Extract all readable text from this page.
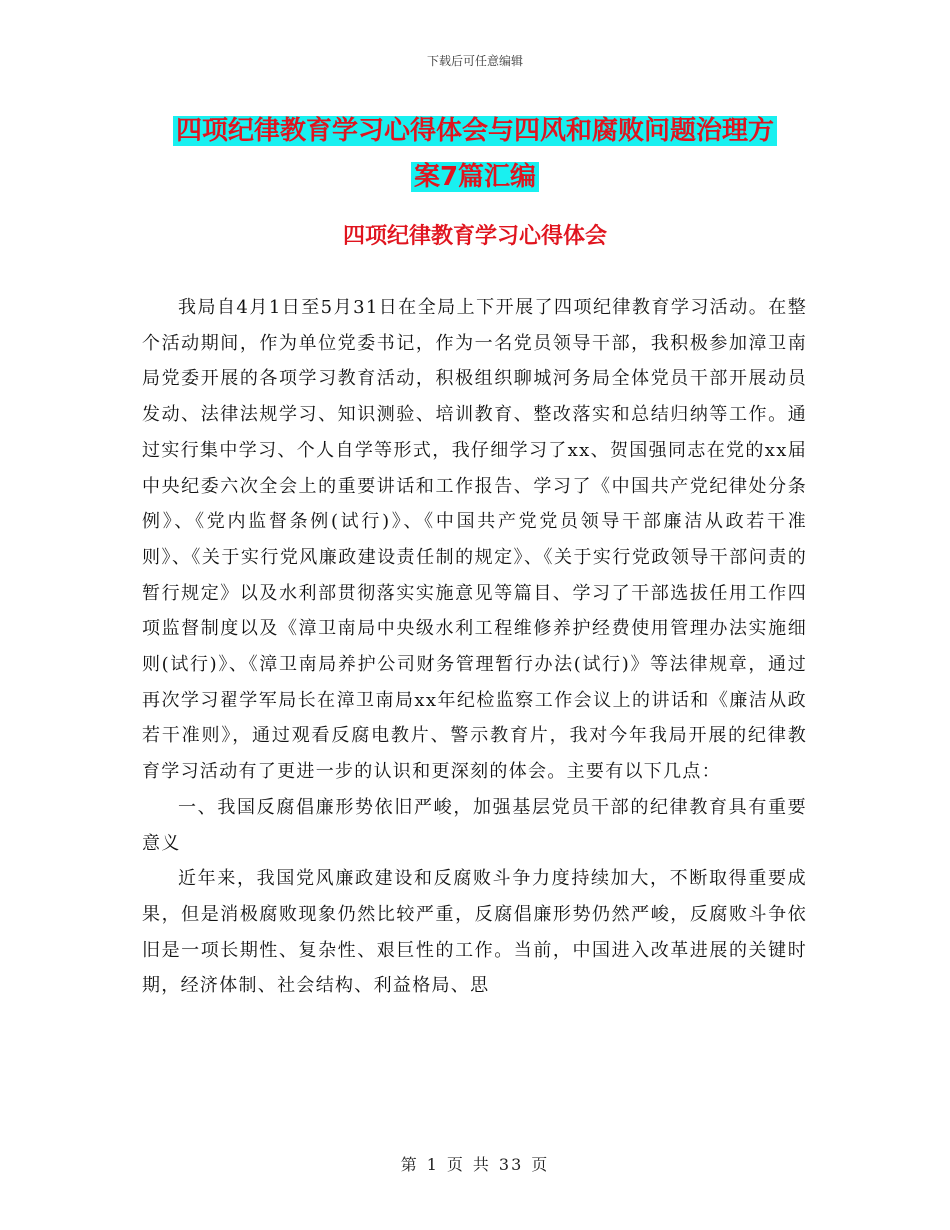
下载后可任意编辑
四项纪律教育学习心得体会与四风和腐败问题治理方
案7篇汇编
四项纪律教育学习心得体会

我局自4月1日至5月31日在全局上下开展了四项纪律教育学习活动。在整个活动期间，作为单位党委书记，作为一名党员领导干部，我积极参加漳卫南局党委开展的各项学习教育活动，积极组织聊城河务局全体党员干部开展动员发动、法律法规学习、知识测验、培训教育、整改落实和总结归纳等工作。通过实行集中学习、个人自学等形式，我仔细学习了xx、贺国强同志在党的xx届中央纪委六次全会上的重要讲话和工作报告、学习了《中国共产党纪律处分条例》、《党内监督条例(试行)》、《中国共产党党员领导干部廉洁从政若干准则》、《关于实行党风廉政建设责任制的规定》、《关于实行党政领导干部问责的暂行规定》以及水利部贯彻落实实施意见等篇目、学习了干部选拔任用工作四项监督制度以及《漳卫南局中央级水利工程维修养护经费使用管理办法实施细则(试行)》、《漳卫南局养护公司财务管理暂行办法(试行)》等法律规章，通过再次学习翟学军局长在漳卫南局xx年纪检监察工作会议上的讲话和《廉洁从政若干准则》，通过观看反腐电教片、警示教育片，我对今年我局开展的纪律教育学习活动有了更进一步的认识和更深刻的体会。主要有以下几点：

一、我国反腐倡廉形势依旧严峻，加强基层党员干部的纪律教育具有重要意义

近年来，我国党风廉政建设和反腐败斗争力度持续加大，不断取得重要成果，但是消极腐败现象仍然比较严重，反腐倡廉形势仍然严峻，反腐败斗争依旧是一项长期性、复杂性、艰巨性的工作。当前，中国进入改革进展的关键时期，经济体制、社会结构、利益格局、思

第 1 页 共 33 页
